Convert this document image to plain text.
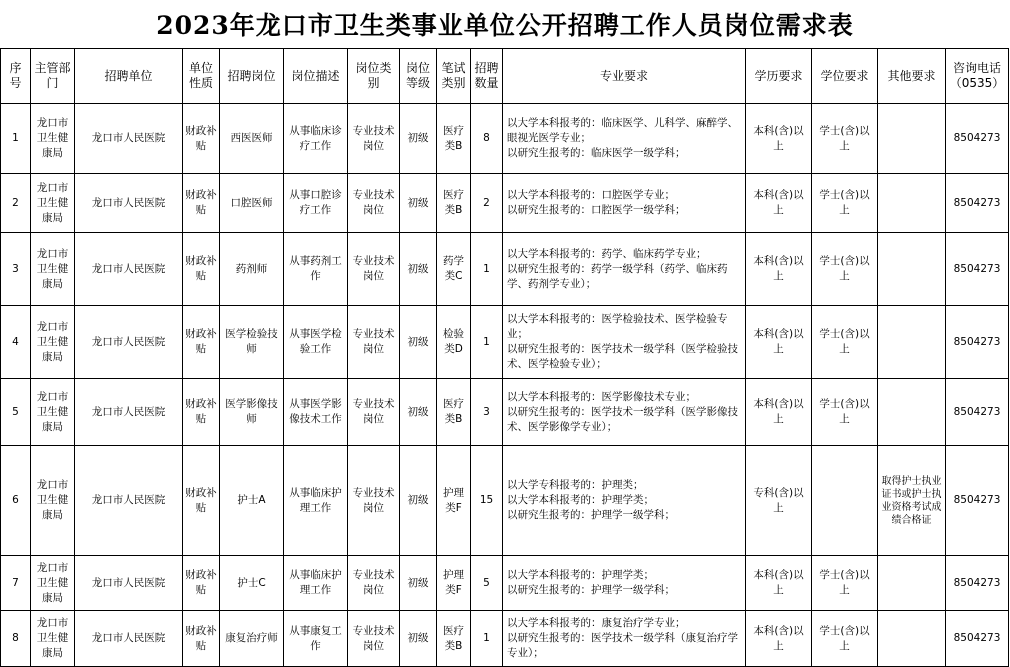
2023年龙口市卫生类事业单位公开招聘工作人员岗位需求表
序号	主管部门	招聘单位	单位性质	招聘岗位	岗位描述	岗位类别	岗位等级	笔试类别	招聘数量	专业要求	学历要求	学位要求	其他要求	咨询电话（0535）
1	龙口市卫生健康局	龙口市人民医院	财政补贴	西医医师	从事临床诊疗工作	专业技术岗位	初级	医疗类B	8	以大学本科报考的：临床医学、儿科学、麻醉学、眼视光医学专业；
以研究生报考的：临床医学一级学科；	本科(含)以上	学士(含)以上		8504273
2	龙口市卫生健康局	龙口市人民医院	财政补贴	口腔医师	从事口腔诊疗工作	专业技术岗位	初级	医疗类B	2	以大学本科报考的：口腔医学专业；
以研究生报考的：口腔医学一级学科；	本科(含)以上	学士(含)以上		8504273
3	龙口市卫生健康局	龙口市人民医院	财政补贴	药剂师	从事药剂工作	专业技术岗位	初级	药学类C	1	以大学本科报考的：药学、临床药学专业；
以研究生报考的：药学一级学科（药学、临床药学、药剂学专业）；	本科(含)以上	学士(含)以上		8504273
4	龙口市卫生健康局	龙口市人民医院	财政补贴	医学检验技师	从事医学检验工作	专业技术岗位	初级	检验类D	1	以大学本科报考的：医学检验技术、医学检验专业；
以研究生报考的：医学技术一级学科（医学检验技术、医学检验专业）；	本科(含)以上	学士(含)以上		8504273
5	龙口市卫生健康局	龙口市人民医院	财政补贴	医学影像技师	从事医学影像技术工作	专业技术岗位	初级	医疗类B	3	以大学本科报考的：医学影像技术专业；
以研究生报考的：医学技术一级学科（医学影像技术、医学影像学专业）；	本科(含)以上	学士(含)以上		8504273
6	龙口市卫生健康局	龙口市人民医院	财政补贴	护士A	从事临床护理工作	专业技术岗位	初级	护理类F	15	以大学专科报考的：护理类；
以大学本科报考的：护理学类；
以研究生报考的：护理学一级学科；	专科(含)以上		取得护士执业证书或护士执业资格考试成绩合格证	8504273
7	龙口市卫生健康局	龙口市人民医院	财政补贴	护士C	从事临床护理工作	专业技术岗位	初级	护理类F	5	以大学本科报考的：护理学类；
以研究生报考的：护理学一级学科；	本科(含)以上	学士(含)以上		8504273
8	龙口市卫生健康局	龙口市人民医院	财政补贴	康复治疗师	从事康复工作	专业技术岗位	初级	医疗类B	1	以大学本科报考的：康复治疗学专业；
以研究生报考的：医学技术一级学科（康复治疗学专业）；	本科(含)以上	学士(含)以上		8504273
